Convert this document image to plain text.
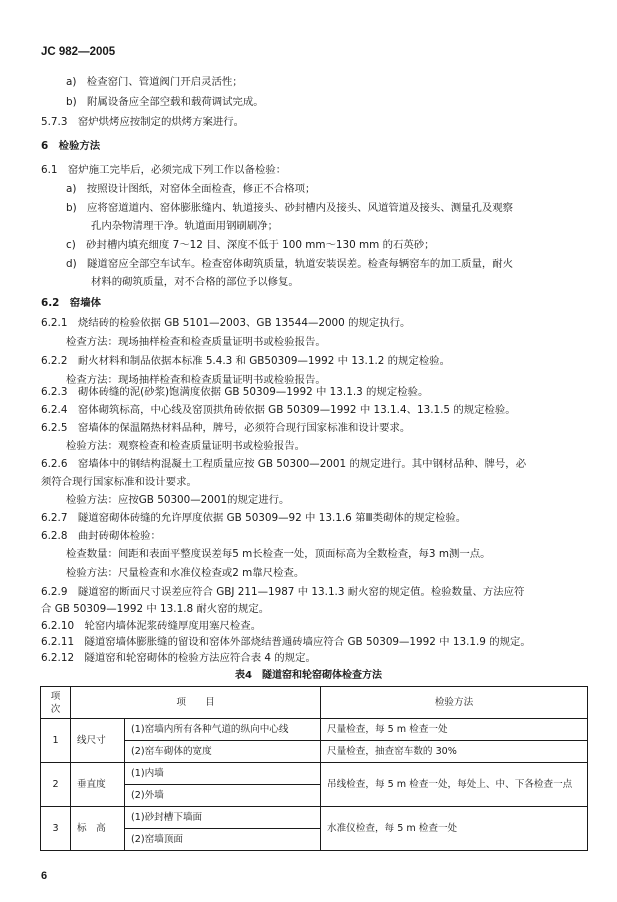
JC 982—2005
a)　检查窑门、管道阀门开启灵活性；
b)　附属设备应全部空载和载荷调试完成。
5.7.3　窑炉烘烤应按制定的烘烤方案进行。
6　检验方法
6.1　窑炉施工完毕后，必须完成下列工作以备检验：
a)　按照设计图纸，对窑体全面检查，修正不合格项；
b)　应将窑道道内、窑体膨胀缝内、轨道接头、砂封槽内及接头、风道管道及接头、测量孔及观察
孔内杂物清理干净。轨道面用钢刷刷净；
c)　砂封槽内填充细度 7～12 目、深度不低于 100 mm～130 mm 的石英砂；
d)　隧道窑应全部空车试车。检查窑体砌筑质量，轨道安装误差。检查每辆窑车的加工质量，耐火
材料的砌筑质量，对不合格的部位予以修复。
6.2　窑墙体
6.2.1　烧结砖的检验依据 GB 5101—2003、GB 13544—2000 的规定执行。
检查方法：现场抽样检查和检查质量证明书或检验报告。
6.2.2　耐火材料和制品依据本标准 5.4.3 和 GB50309—1992 中 13.1.2 的规定检验。
检查方法：现场抽样检查和检查质量证明书或检验报告。
6.2.3　砌体砖缝的泥(砂浆)饱满度依据 GB 50309—1992 中 13.1.3 的规定检验。
6.2.4　窑体砌筑标高，中心线及窑顶拱角砖依据 GB 50309—1992 中 13.1.4、13.1.5 的规定检验。
6.2.5　窑墙体的保温隔热材料品种，牌号，必须符合现行国家标准和设计要求。
检验方法：观察检查和检查质量证明书或检验报告。
6.2.6　窑墙体中的钢结构混凝土工程质量应按 GB 50300—2001 的规定进行。其中钢材品种、牌号，必
须符合现行国家标准和设计要求。
检验方法：应按GB 50300—2001的规定进行。
6.2.7　隧道窑砌体砖缝的允许厚度依据 GB 50309—92 中 13.1.6 第Ⅲ类砌体的规定检验。
6.2.8　曲封砖砌体检验：
检查数量：间距和表面平整度误差每5 m长检查一处，顶面标高为全数检查，每3 m测一点。
检验方法：尺量检查和水准仪检查或2 m靠尺检查。
6.2.9　隧道窑的断面尺寸误差应符合 GBJ 211—1987 中 13.1.3 耐火窑的规定值。检验数量、方法应符
合 GB 50309—1992 中 13.1.8 耐火窑的规定。
6.2.10　轮窑内墙体泥浆砖缝厚度用塞尺检查。
6.2.11　隧道窑墙体膨胀缝的留设和窑体外部烧结普通砖墙应符合 GB 50309—1992 中 13.1.9 的规定。
表4　隧道窑和轮窑砌体检查方法
项
次	项　　目		检验方法
1	线尺寸	(1)窑墙内所有各种气道的纵向中心线	尺量检查，每 5 m 检查一处
		(2)窑车砌体的宽度	尺量检查，抽查窑车数的 30%
2	垂直度	(1)内墙	吊线检查，每 5 m 检查一处，每处上、中、下各检查一点
		(2)外墙	
3	标　高	(1)砂封槽下墙面	水准仪检查，每 5 m 检查一处
		(2)窑墙顶面	
6
6.2.12　隧道窑和轮窑砌体的检验方法应符合表 4 的规定。
